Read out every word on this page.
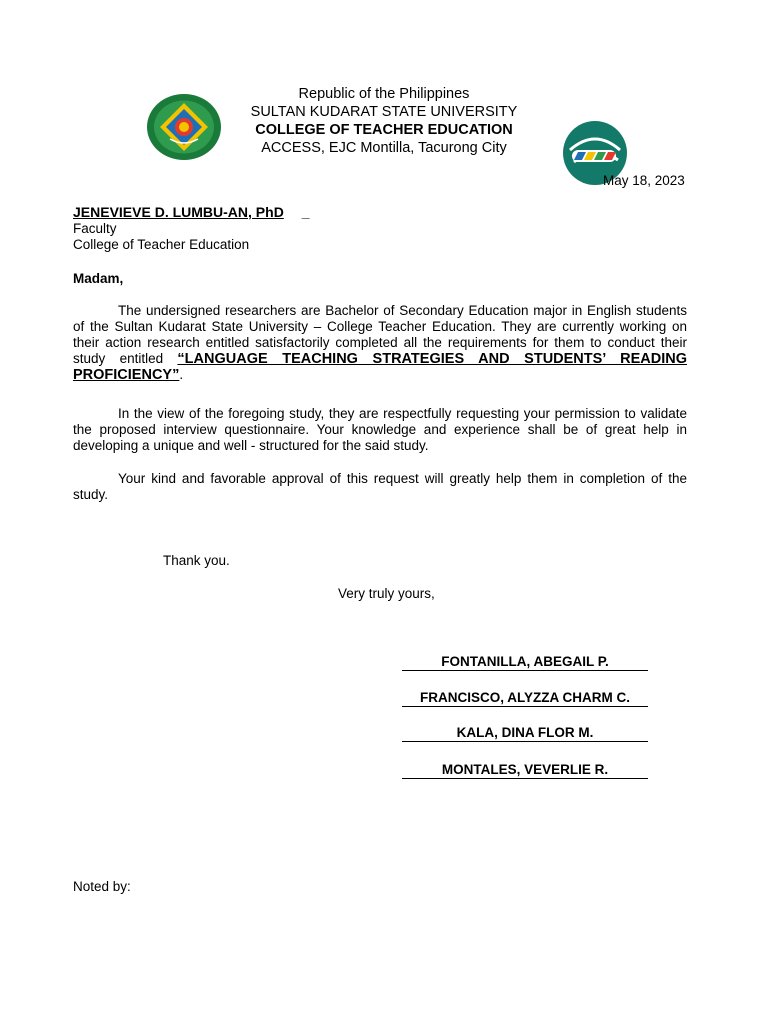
Republic of the Philippines
SULTAN KUDARAT STATE UNIVERSITY
COLLEGE OF TEACHER EDUCATION
ACCESS, EJC Montilla, Tacurong City
May 18, 2023
JENEVIEVE D. LUMBU-AN, PhD _
Faculty
College of Teacher Education
Madam,
The undersigned researchers are Bachelor of Secondary Education major in English students of the Sultan Kudarat State University – College Teacher Education. They are currently working on their action research entitled satisfactorily completed all the requirements for them to conduct their study entitled “LANGUAGE TEACHING STRATEGIES AND STUDENTS’ READING PROFICIENCY”.
In the view of the foregoing study, they are respectfully requesting your permission to validate the proposed interview questionnaire. Your knowledge and experience shall be of great help in developing a unique and well - structured for the said study.
Your kind and favorable approval of this request will greatly help them in completion of the study.
Thank you.
Very truly yours,
FONTANILLA, ABEGAIL P.
FRANCISCO, ALYZZA CHARM C.
KALA, DINA FLOR M.
MONTALES, VEVERLIE R.
Noted by:
